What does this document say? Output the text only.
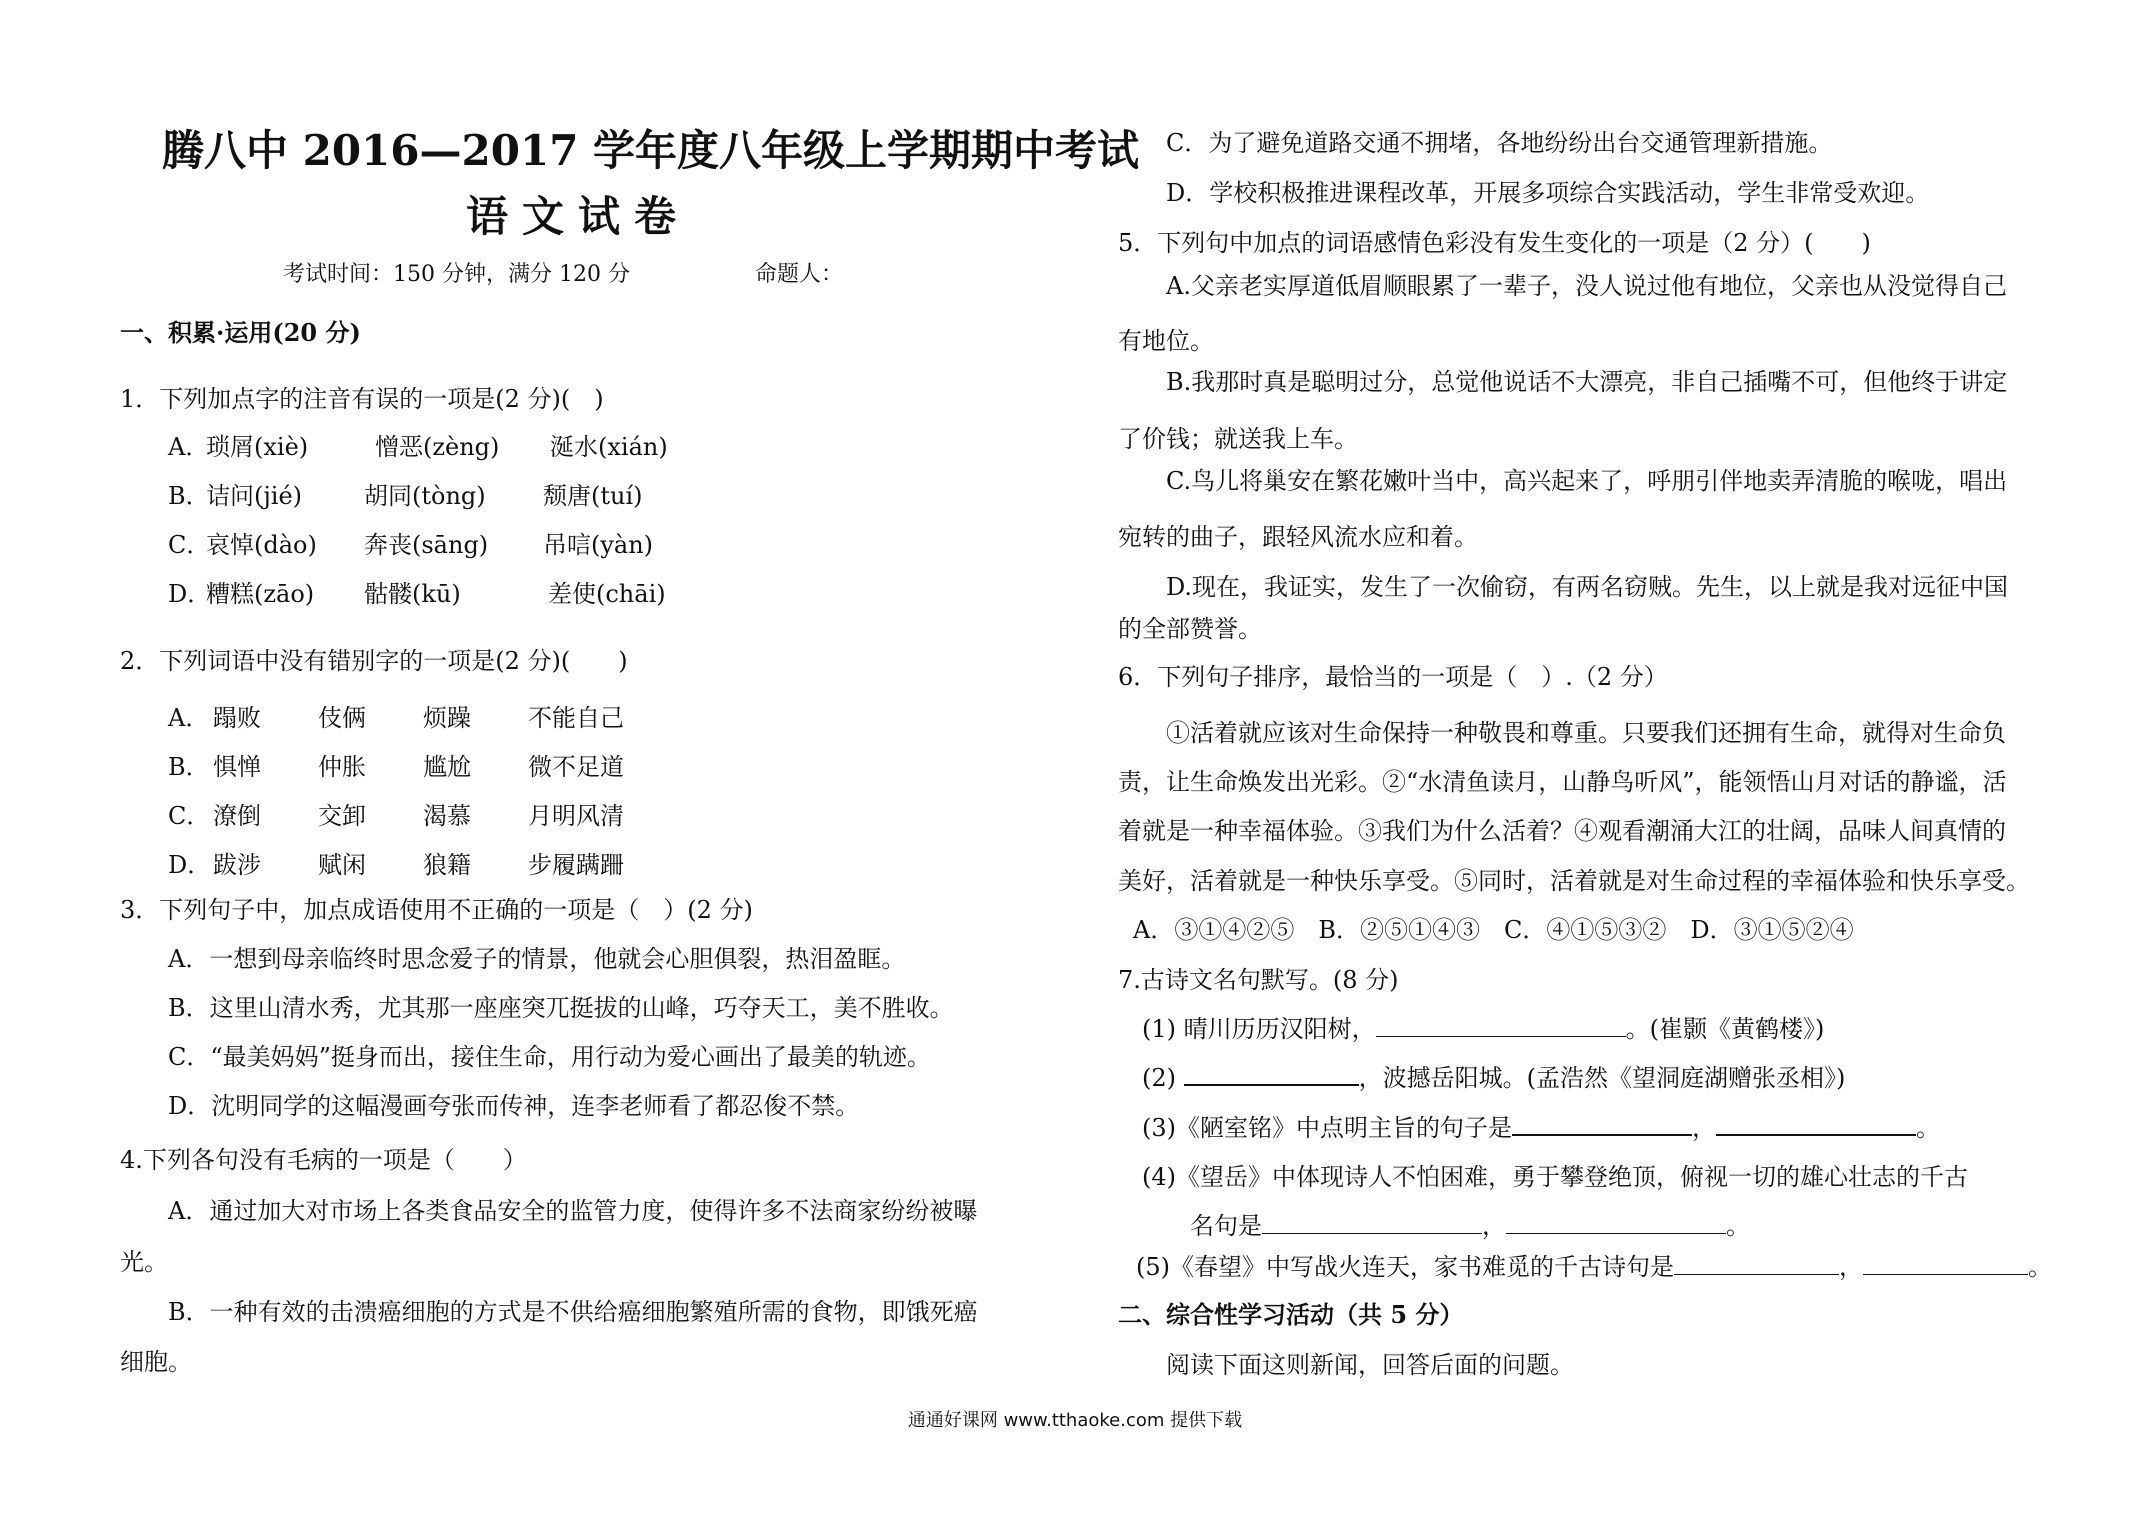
腾八中 2016—2017 学年度八年级上学期期中考试
语文试卷
考试时间：150 分钟，满分 120 分	命题人：
一、积累·运用(20 分)
1．下列加点字的注音有误的一项是(2 分)(　)
A．
琐屑(xiè)	憎恶(zèng) 涎水(xián)
B．
诘问(jié)	胡同(tòng) 颓唐(tuí)
C．
哀悼(dào) 奔丧(sāng) 吊唁(yàn)
D．
糟糕(zāo) 骷髅(kū)	差使(chāi)
2．下列词语中没有错别字的一项是(2 分)(　　)
A． 蹋败 伎俩 烦躁 不能自己
B． 惧惮 仲胀 尴尬 微不足道
C． 潦倒 交卸 渴慕 月明风清
D．跋涉 赋闲 狼籍 步履蹒跚
3．下列句子中，加点成语使用不正确的一项是（　）(2 分)
A．一想到母亲临终时思念爱子的情景，他就会心胆俱裂，热泪盈眶。
B．这里山清水秀，尤其那一座座突兀挺拔的山峰，巧夺天工，美不胜收。
C．“最美妈妈”挺身而出，接住生命，用行动为爱心画出了最美的轨迹。
D．沈明同学的这幅漫画夸张而传神，连李老师看了都忍俊不禁。
4.下列各句没有毛病的一项是（　　）
A．通过加大对市场上各类食品安全的监管力度，使得许多不法商家纷纷被曝
光。
B．一种有效的击溃癌细胞的方式是不供给癌细胞繁殖所需的食物，即饿死癌
细胞。
C．为了避免道路交通不拥堵，各地纷纷出台交通管理新措施。
D．学校积极推进课程改革，开展多项综合实践活动，学生非常受欢迎。
5．下列句中加点的词语感情色彩没有发生变化的一项是（2 分）(　　)
A.父亲老实厚道低眉顺眼累了一辈子，没人说过他有地位，父亲也从没觉得自己
有地位。
B.我那时真是聪明过分，总觉他说话不大漂亮，非自己插嘴不可，但他终于讲定
了价钱；就送我上车。
C.鸟儿将巢安在繁花嫩叶当中，高兴起来了，呼朋引伴地卖弄清脆的喉咙，唱出
宛转的曲子，跟轻风流水应和着。
D.现在，我证实，发生了一次偷窃，有两名窃贼。先生，以上就是我对远征中国
的全部赞誉。
6．下列句子排序，最恰当的一项是（　）.（2 分）
①活着就应该对生命保持一种敬畏和尊重。只要我们还拥有生命，就得对生命负
责，让生命焕发出光彩。②“水清鱼读月，山静鸟听风”，能领悟山月对话的静谧，活
着就是一种幸福体验。③我们为什么活着？④观看潮涌大江的壮阔，品味人间真情的
美好，活着就是一种快乐享受。⑤同时，活着就是对生命过程的幸福体验和快乐享受。
A．③①④②⑤　B．②⑤①④③　C．④①⑤③②　D．③①⑤②④
7.古诗文名句默写。(8 分)
(1) 晴川历历汉阳树，	。(崔颢《黄鹤楼》)
(2)	，波撼岳阳城。(孟浩然《望洞庭湖赠张丞相》)
(3)《陋室铭》中点明主旨的句子是	，	。
(4)《望岳》中体现诗人不怕困难，勇于攀登绝顶，俯视一切的雄心壮志的千古
名句是	，	。
(5)《春望》中写战火连天，家书难觅的千古诗句是	，	。
二、综合性学习活动（共 5 分）
阅读下面这则新闻，回答后面的问题。
通通好课网 www.tthaoke.com 提供下载
